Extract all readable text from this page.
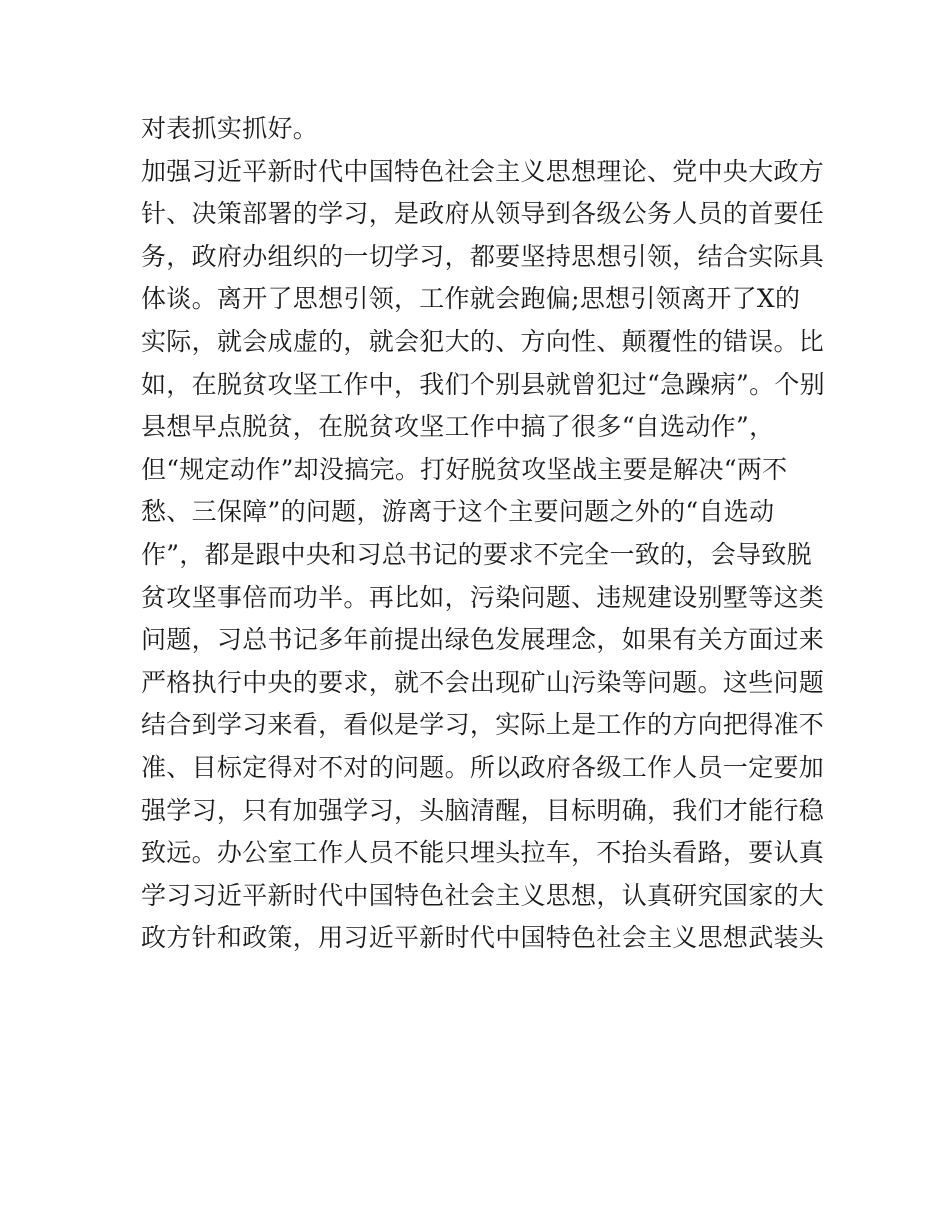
对表抓实抓好。
加强习近平新时代中国特色社会主义思想理论、党中央大政方
针、决策部署的学习，是政府从领导到各级公务人员的首要任
务，政府办组织的一切学习，都要坚持思想引领，结合实际具
体谈。离开了思想引领，工作就会跑偏;思想引领离开了X的
实际，就会成虚的，就会犯大的、方向性、颠覆性的错误。比
如，在脱贫攻坚工作中，我们个别县就曾犯过“急躁病”。个别
县想早点脱贫，在脱贫攻坚工作中搞了很多“自选动作”，
但“规定动作”却没搞完。打好脱贫攻坚战主要是解决“两不
愁、三保障”的问题，游离于这个主要问题之外的“自选动
作”，都是跟中央和习总书记的要求不完全一致的，会导致脱
贫攻坚事倍而功半。再比如，污染问题、违规建设别墅等这类
问题，习总书记多年前提出绿色发展理念，如果有关方面过来
严格执行中央的要求，就不会出现矿山污染等问题。这些问题
结合到学习来看，看似是学习，实际上是工作的方向把得准不
准、目标定得对不对的问题。所以政府各级工作人员一定要加
强学习，只有加强学习，头脑清醒，目标明确，我们才能行稳
致远。办公室工作人员不能只埋头拉车，不抬头看路，要认真
学习习近平新时代中国特色社会主义思想，认真研究国家的大
政方针和政策，用习近平新时代中国特色社会主义思想武装头
